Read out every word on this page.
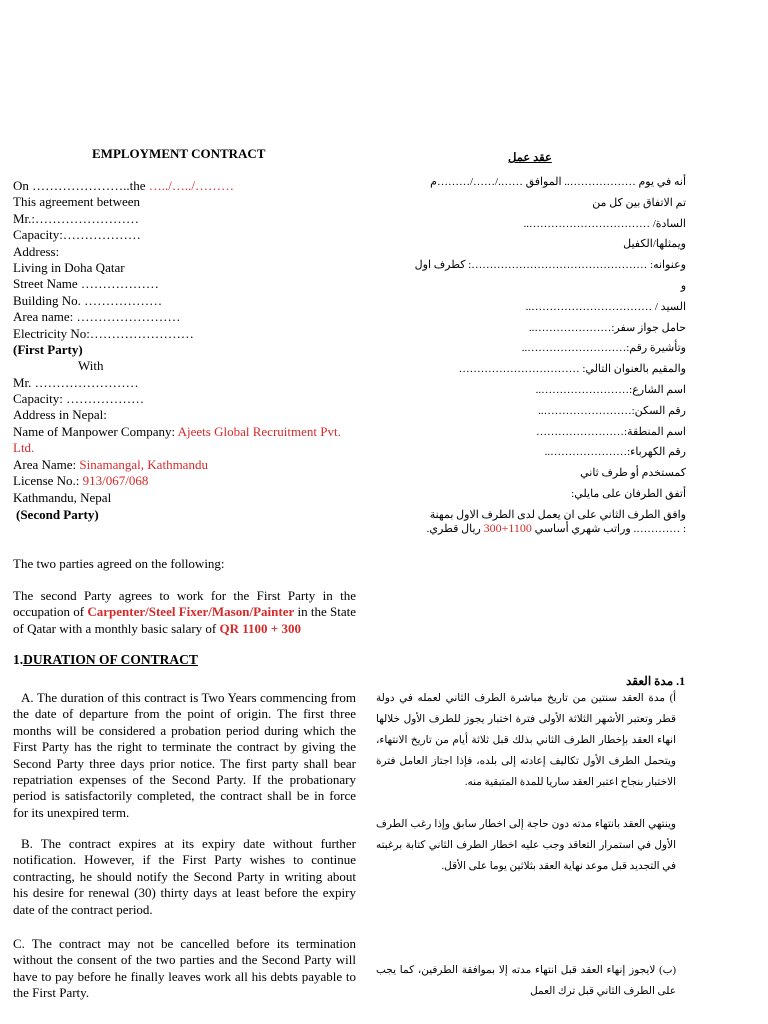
EMPLOYMENT CONTRACT
On …………………..the …../…../………
This agreement between
Mr.:……………………
Capacity:………………
Address:
Living in Doha Qatar
Street Name ………………
Building No. ………………
Area name: ……………………
Electricity No:……………………
(First Party)
With
Mr. ……………………
Capacity: ………………
Address in Nepal:
Name of Manpower Company: Ajeets Global Recruitment Pvt. Ltd.
Area Name: Sinamangal, Kathmandu
License No.: 913/067/068
Kathmandu, Nepal
(Second Party)
The two parties agreed on the following:
The second Party agrees to work for the First Party in the occupation of Carpenter/Steel Fixer/Mason/Painter in the State of Qatar with a monthly basic salary of QR 1100 + 300
1.DURATION OF CONTRACT
A. The duration of this contract is Two Years commencing from the date of departure from the point of origin. The first three months will be considered a probation period during which the First Party has the right to terminate the contract by giving the Second Party three days prior notice. The first party shall bear repatriation expenses of the Second Party. If the probationary period is satisfactorily completed, the contract shall be in force for its unexpired term.
B. The contract expires at its expiry date without further notification. However, if the First Party wishes to continue contracting, he should notify the Second Party in writing about his desire for renewal (30) thirty days at least before the expiry date of the contract period.
C. The contract may not be cancelled before its termination without the consent of the two parties and the Second Party will have to pay before he finally leaves work all his debts payable to the First Party.
عقد عمل
أنه في يوم ……………….. الموافق ……./……/………م
تم الاتفاق بين كل من
السادة/ ……………………………..
ويمثلها/الكفيل
وعنوانه: …………………………………………: كطرف اول
و
السيد / ……………………………..
حامل جواز سفر:…………………..
وتأشيرة رقم:………………………..
والمقيم بالعنوان التالي: ……………………………
اسم الشارع:……………………..
رقم السكن:……………………..
اسم المنطقة:……………………
رقم الكهرباء:…………………..
كمستخدم أو طرف ثاني
أتفق الطرفان على مايلي:
وافق الطرف الثاني على ان يعمل لدى الطرف الاول بمهنة
: …………. وراتب شهري أساسي 1100+300 ريال قطري.
1. مدة العقد
أ) مدة العقد سنتين من تاريخ مباشرة الطرف الثاني لعمله في دولة قطر وتعتبر الأشهر الثلاثة الأولى فترة اختبار يجوز للطرف الأول خلالها انهاء العقد بإخطار الطرف الثاني بذلك قبل ثلاثة أيام من تاريخ الانتهاء، ويتحمل الطرف الأول تكاليف إعادته إلى بلده، فإذا اجتاز العامل فترة الاختبار بنجاح اعتبر العقد ساريا للمدة المتبقية منه.
وينتهي العقد بانتهاء مدته دون حاجة إلى اخطار سابق وإذا رغب الطرف الأول في استمرار التعاقد وجب عليه اخطار الطرف الثاني كتابة برغبته في التجديد قبل موعد نهاية العقد بثلاثين يوما على الأقل.
(ب) لايجوز إنهاء العقد قبل انتهاء مدته إلا بموافقة الطرفين، كما يجب على الطرف الثاني قبل ترك العمل
